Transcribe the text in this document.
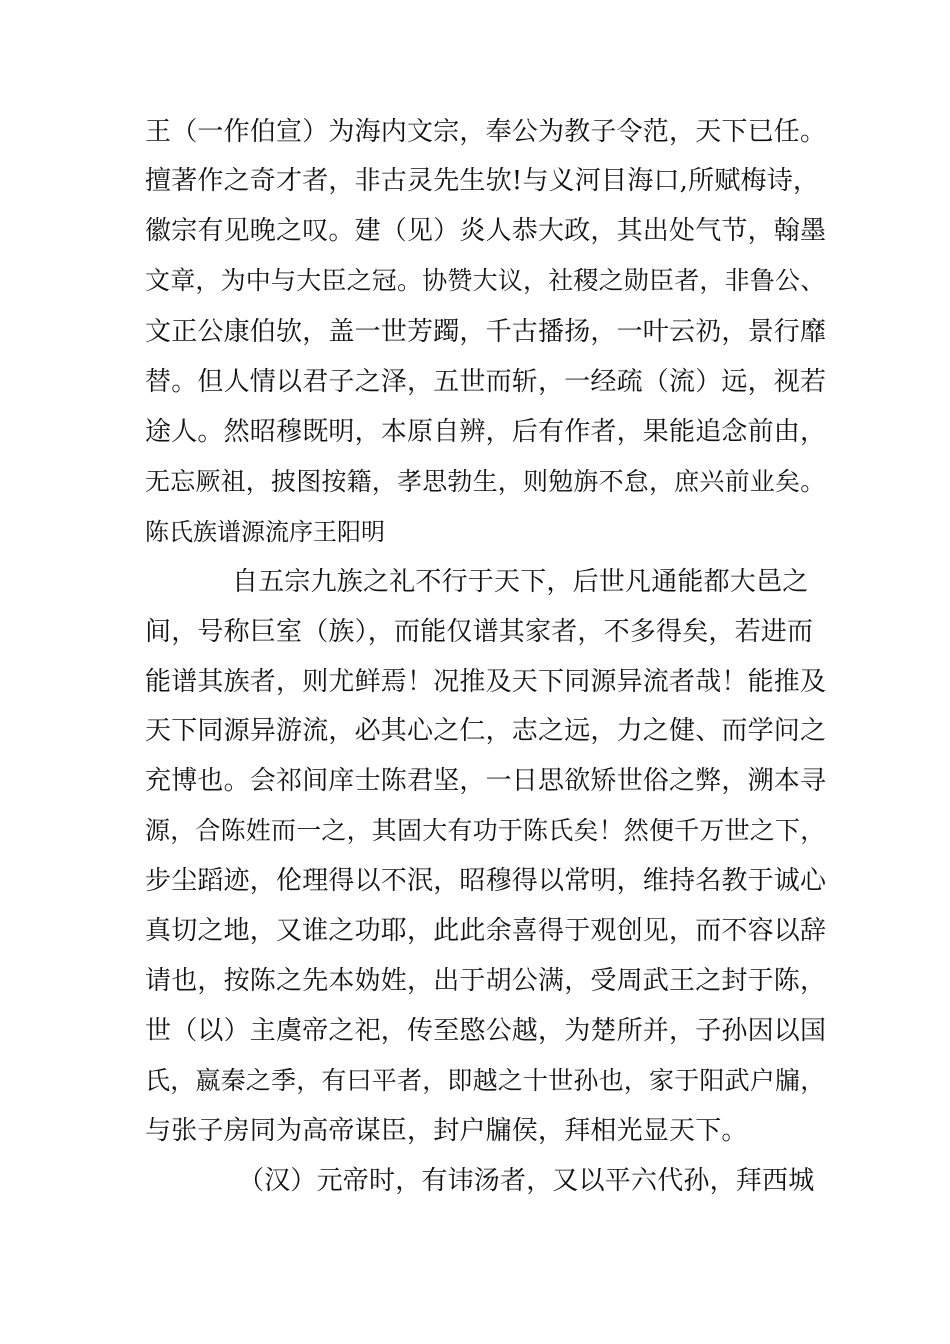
王（一作伯宣）为海内文宗，奉公为教子令范，天下已任。
擅著作之奇才者，非古灵先生欤!与义河目海口,所赋梅诗，
徽宗有见晚之叹。建（见）炎人恭大政，其出处气节，翰墨
文章，为中与大臣之冠。协赞大议，社稷之勋臣者，非鲁公、
文正公康伯欤，盖一世芳躅，千古播扬，一叶云礽，景行靡
替。但人情以君子之泽，五世而斩，一经疏（流）远，视若
途人。然昭穆既明，本原自辨，后有作者，果能追念前由，
无忘厥祖，披图按籍，孝思勃生，则勉旃不怠，庶兴前业矣。
陈氏族谱源流序王阳明
自五宗九族之礼不行于天下，后世凡通能都大邑之
间，号称巨室（族），而能仅谱其家者，不多得矣，若进而
能谱其族者，则尤鲜焉！况推及天下同源异流者哉！能推及
天下同源异游流，必其心之仁，志之远，力之健、而学问之
充博也。会祁间庠士陈君坚，一日思欲矫世俗之弊，溯本寻
源，合陈姓而一之，其固大有功于陈氏矣！然便千万世之下，
步尘蹈迹，伦理得以不泯，昭穆得以常明，维持名教于诚心
真切之地，又谁之功耶，此此余喜得于观创见，而不容以辞
请也，按陈之先本妫姓，出于胡公满，受周武王之封于陈，
世（以）主虞帝之祀，传至愍公越，为楚所并，子孙因以国
氏，嬴秦之季，有曰平者，即越之十世孙也，家于阳武户牖，
与张子房同为高帝谋臣，封户牖侯，拜相光显天下。
（汉）元帝时，有讳汤者，又以平六代孙，拜西城
